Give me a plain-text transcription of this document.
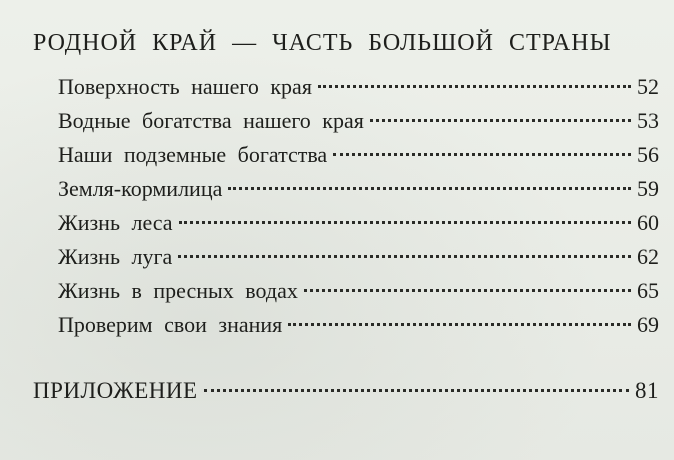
РОДНОЙ КРАЙ — ЧАСТЬ БОЛЬШОЙ СТРАНЫ
Поверхность нашего края	52
Водные богатства нашего края	53
Наши подземные богатства	56
Земля-кормилица	59
Жизнь леса	60
Жизнь луга	62
Жизнь в пресных водах	65
Проверим свои знания	69
ПРИЛОЖЕНИЕ	81
